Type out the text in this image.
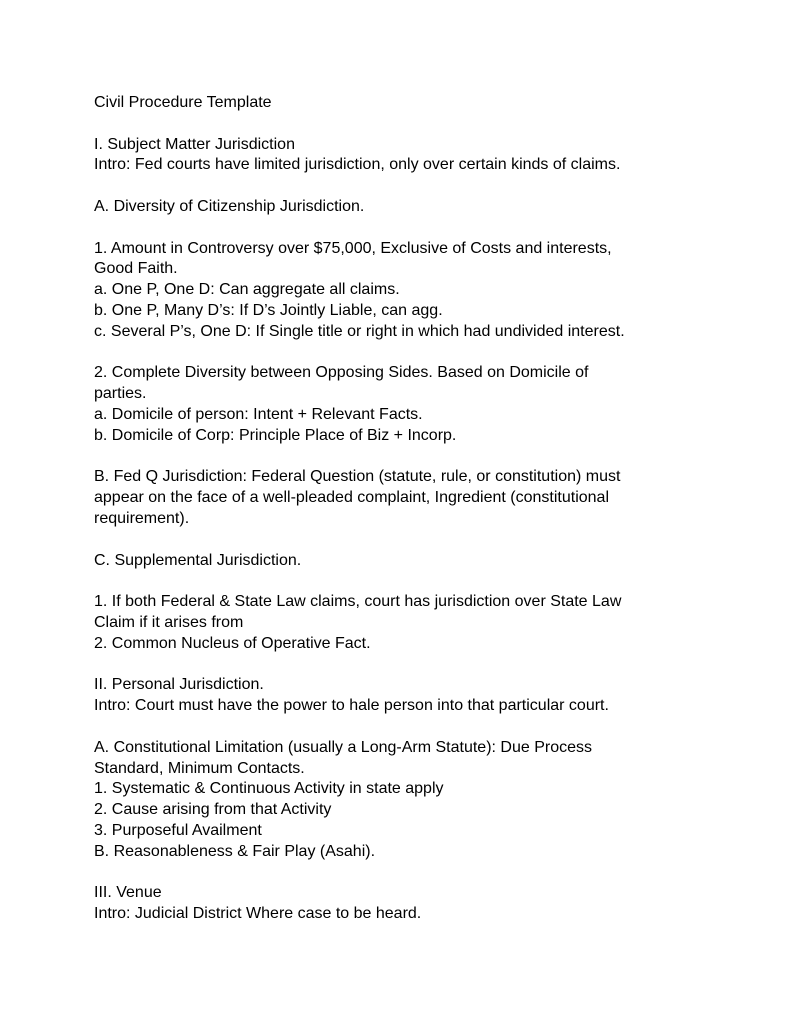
Civil Procedure Template
I. Subject Matter Jurisdiction
Intro: Fed courts have limited jurisdiction, only over certain kinds of claims.
A. Diversity of Citizenship Jurisdiction.
1. Amount in Controversy over $75,000, Exclusive of Costs and interests,
Good Faith.
a. One P, One D: Can aggregate all claims.
b. One P, Many D’s: If D’s Jointly Liable, can agg.
c. Several P’s, One D: If Single title or right in which had undivided interest.
2. Complete Diversity between Opposing Sides. Based on Domicile of
parties.
a. Domicile of person: Intent + Relevant Facts.
b. Domicile of Corp: Principle Place of Biz + Incorp.
B. Fed Q Jurisdiction: Federal Question (statute, rule, or constitution) must
appear on the face of a well-pleaded complaint, Ingredient (constitutional
requirement).
C. Supplemental Jurisdiction.
1. If both Federal & State Law claims, court has jurisdiction over State Law
Claim if it arises from
2. Common Nucleus of Operative Fact.
II. Personal Jurisdiction.
Intro: Court must have the power to hale person into that particular court.
A. Constitutional Limitation (usually a Long-Arm Statute): Due Process
Standard, Minimum Contacts.
1. Systematic & Continuous Activity in state apply
2. Cause arising from that Activity
3. Purposeful Availment
B. Reasonableness & Fair Play (Asahi).
III. Venue
Intro: Judicial District Where case to be heard.
